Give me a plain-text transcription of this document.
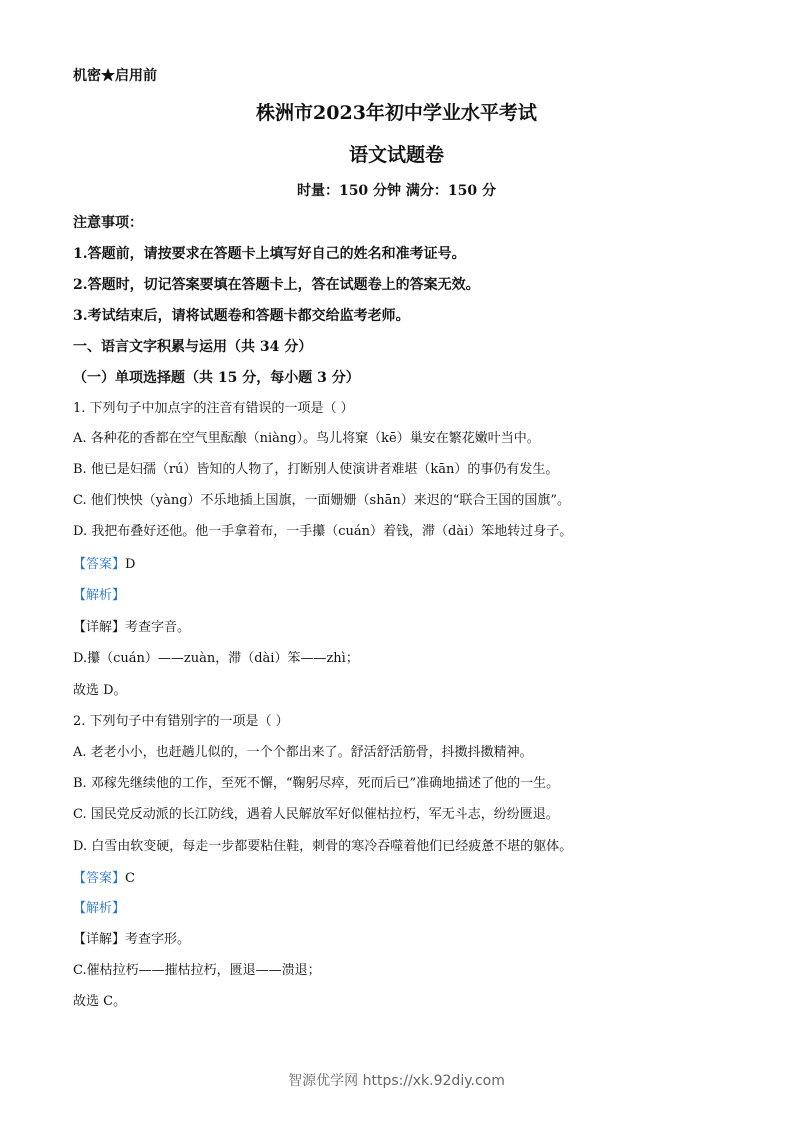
机密★启用前
株洲市2023年初中学业水平考试
语文试题卷
时量：150 分钟 满分：150 分
注意事项：
1.答题前，请按要求在答题卡上填写好自己的姓名和准考证号。
2.答题时，切记答案要填在答题卡上，答在试题卷上的答案无效。
3.考试结束后，请将试题卷和答题卡都交给监考老师。
一、语言文字积累与运用（共 34 分）
（一）单项选择题（共 15 分，每小题 3 分）
1. 下列句子中加点字的注音有错误的一项是（ ）
A. 各种花的香都在空气里酝酿（niàng）。鸟儿将窠（kē）巢安在繁花嫩叶当中。
B. 他已是妇孺（rú）皆知的人物了，打断别人使演讲者难堪（kān）的事仍有发生。
C. 他们怏怏（yàng）不乐地插上国旗，一面姗姗（shān）来迟的“联合王国的国旗”。
D. 我把布叠好还他。他一手拿着布，一手攥（cuán）着钱，滞（dài）笨地转过身子。
【答案】D
【解析】
【详解】考查字音。
D.攥（cuán）——zuàn，滞（dài）笨——zhì；
故选 D。
2. 下列句子中有错别字的一项是（ ）
A. 老老小小，也赶趟儿似的，一个个都出来了。舒活舒活筋骨，抖擞抖擞精神。
B. 邓稼先继续他的工作，至死不懈，“鞠躬尽瘁，死而后已”准确地描述了他的一生。
C. 国民党反动派的长江防线，遇着人民解放军好似催枯拉朽，军无斗志，纷纷匮退。
D. 白雪由软变硬，每走一步都要粘住鞋，刺骨的寒冷吞噬着他们已经疲惫不堪的躯体。
【答案】C
【解析】
【详解】考查字形。
C.催枯拉朽——摧枯拉朽，匮退——溃退；
故选 C。
智源优学网 https://xk.92diy.com
